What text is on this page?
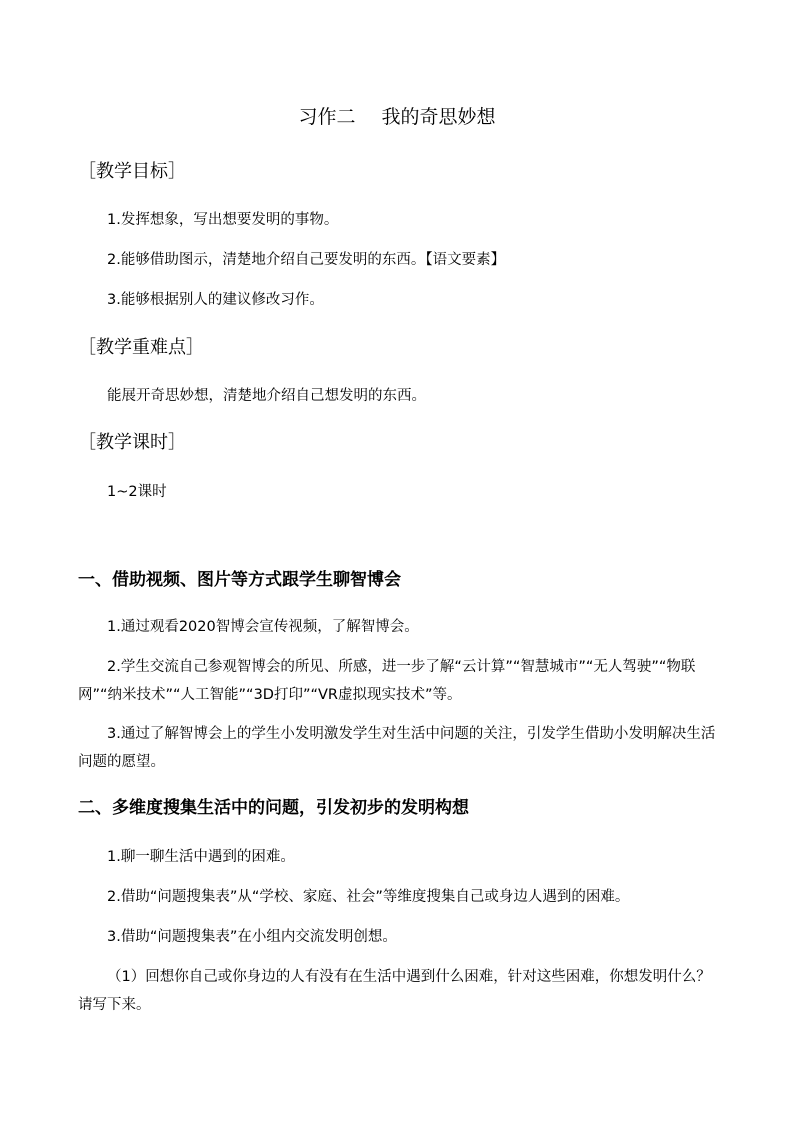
习作二 我的奇思妙想
［教学目标］
1.发挥想象，写出想要发明的事物。
2.能够借助图示，清楚地介绍自己要发明的东西。【语文要素】
3.能够根据别人的建议修改习作。
［教学重难点］
能展开奇思妙想，清楚地介绍自己想发明的东西。
［教学课时］
1~2课时
一、借助视频、图片等方式跟学生聊智博会
1.通过观看2020智博会宣传视频，了解智博会。
2.学生交流自己参观智博会的所见、所感，进一步了解“云计算”“智慧城市”“无人驾驶”“物联网”“纳米技术”“人工智能”“3D打印”“VR虚拟现实技术”等。
3.通过了解智博会上的学生小发明激发学生对生活中问题的关注，引发学生借助小发明解决生活问题的愿望。
二、多维度搜集生活中的问题，引发初步的发明构想
1.聊一聊生活中遇到的困难。
2.借助“问题搜集表”从“学校、家庭、社会”等维度搜集自己或身边人遇到的困难。
3.借助“问题搜集表”在小组内交流发明创想。
（1）回想你自己或你身边的人有没有在生活中遇到什么困难，针对这些困难，你想发明什么？请写下来。
